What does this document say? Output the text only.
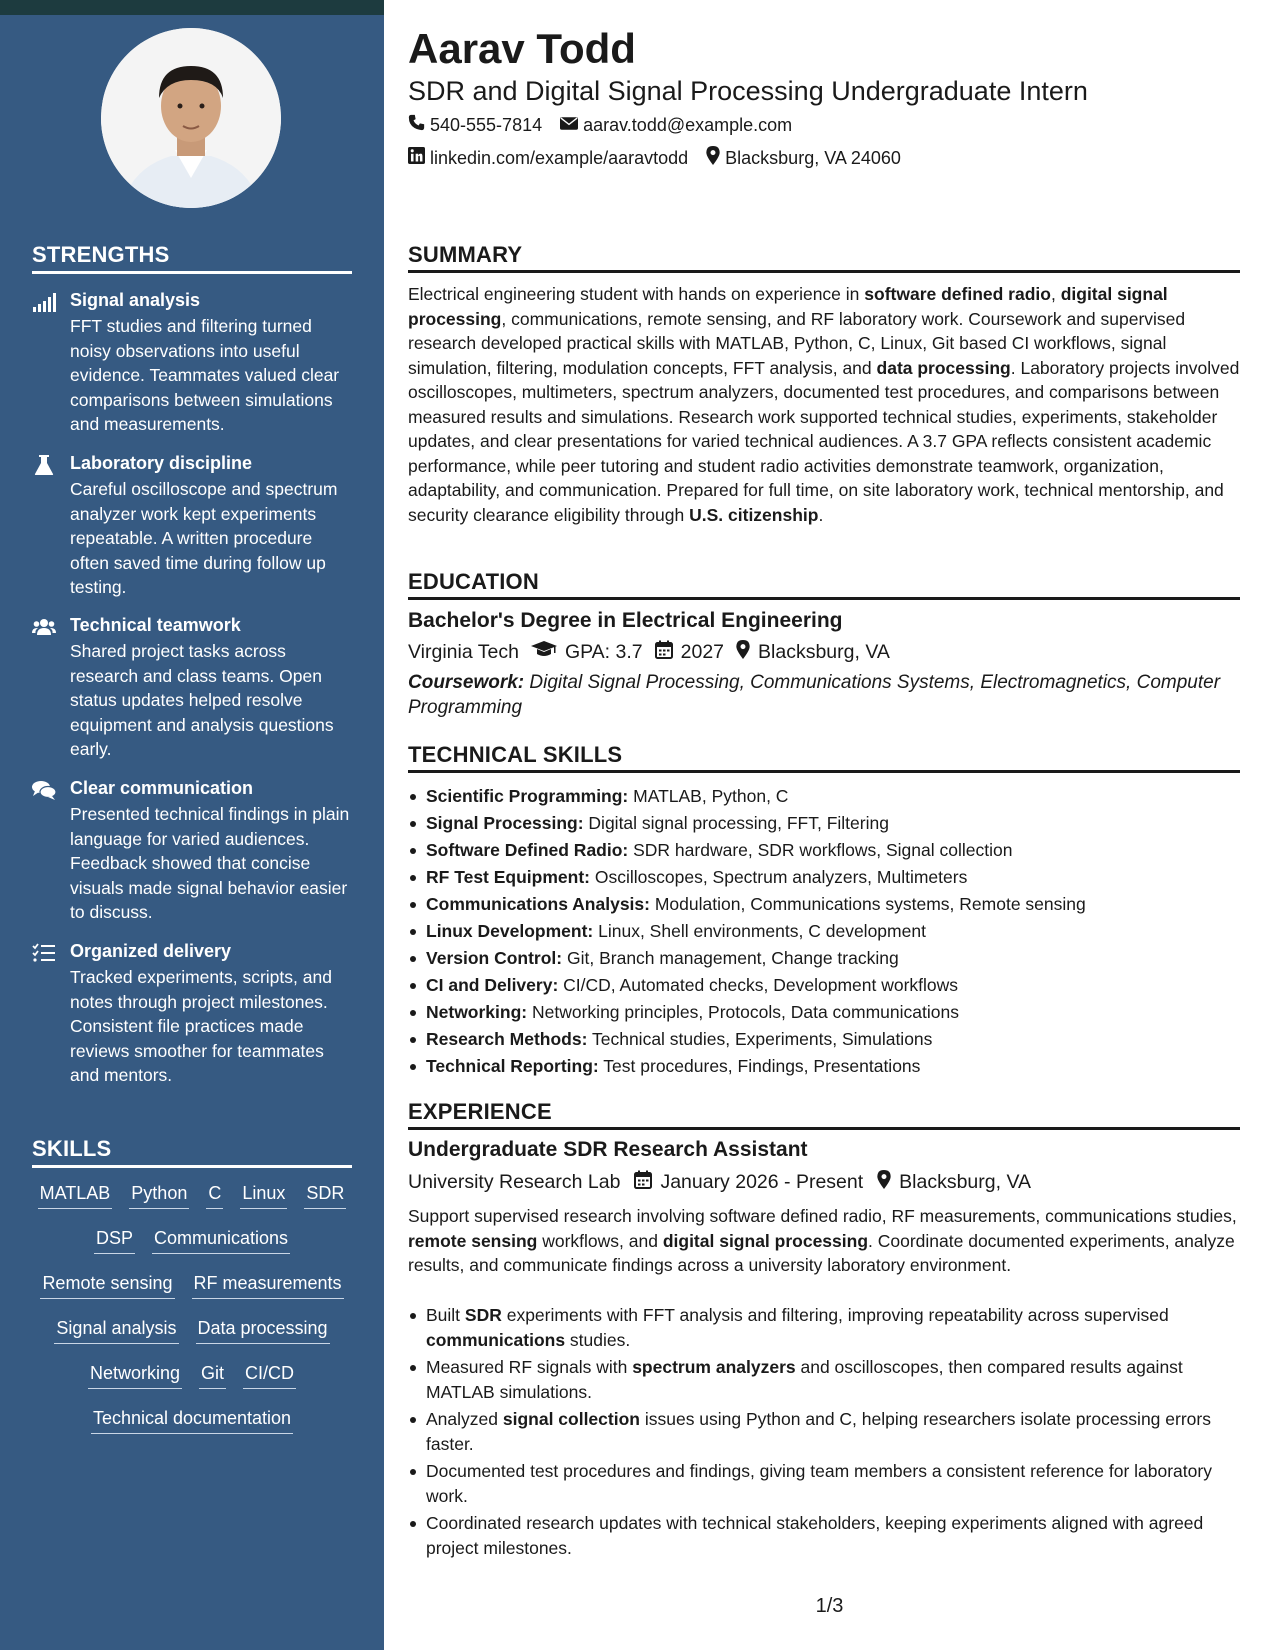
STRENGTHS
Signal analysis
FFT studies and filtering turned noisy observations into useful evidence. Teammates valued clear comparisons between simulations and measurements.
Laboratory discipline
Careful oscilloscope and spectrum analyzer work kept experiments repeatable. A written procedure often saved time during follow up testing.
Technical teamwork
Shared project tasks across research and class teams. Open status updates helped resolve equipment and analysis questions early.
Clear communication
Presented technical findings in plain language for varied audiences. Feedback showed that concise visuals made signal behavior easier to discuss.
Organized delivery
Tracked experiments, scripts, and notes through project milestones. Consistent file practices made reviews smoother for teammates and mentors.
SKILLS
MATLAB Python C Linux SDR
DSP Communications
Remote sensing RF measurements
Signal analysis Data processing
Networking Git CI/CD
Technical documentation
Aarav Todd
SDR and Digital Signal Processing Undergraduate Intern
540-555-7814 aarav.todd@example.com
linkedin.com/example/aaravtodd Blacksburg, VA 24060
SUMMARY
Electrical engineering student with hands on experience in software defined radio, digital signal processing, communications, remote sensing, and RF laboratory work. Coursework and supervised research developed practical skills with MATLAB, Python, C, Linux, Git based CI workflows, signal simulation, filtering, modulation concepts, FFT analysis, and data processing. Laboratory projects involved oscilloscopes, multimeters, spectrum analyzers, documented test procedures, and comparisons between measured results and simulations. Research work supported technical studies, experiments, stakeholder updates, and clear presentations for varied technical audiences. A 3.7 GPA reflects consistent academic performance, while peer tutoring and student radio activities demonstrate teamwork, organization, adaptability, and communication. Prepared for full time, on site laboratory work, technical mentorship, and security clearance eligibility through U.S. citizenship.
EDUCATION
Bachelor's Degree in Electrical Engineering
Virginia Tech GPA: 3.7 2027 Blacksburg, VA
Coursework: Digital Signal Processing, Communications Systems, Electromagnetics, Computer Programming
TECHNICAL SKILLS
Scientific Programming: MATLAB, Python, C
Signal Processing: Digital signal processing, FFT, Filtering
Software Defined Radio: SDR hardware, SDR workflows, Signal collection
RF Test Equipment: Oscilloscopes, Spectrum analyzers, Multimeters
Communications Analysis: Modulation, Communications systems, Remote sensing
Linux Development: Linux, Shell environments, C development
Version Control: Git, Branch management, Change tracking
CI and Delivery: CI/CD, Automated checks, Development workflows
Networking: Networking principles, Protocols, Data communications
Research Methods: Technical studies, Experiments, Simulations
Technical Reporting: Test procedures, Findings, Presentations
EXPERIENCE
Undergraduate SDR Research Assistant
University Research Lab January 2026 - Present Blacksburg, VA
Support supervised research involving software defined radio, RF measurements, communications studies, remote sensing workflows, and digital signal processing. Coordinate documented experiments, analyze results, and communicate findings across a university laboratory environment.
Built SDR experiments with FFT analysis and filtering, improving repeatability across supervised communications studies.
Measured RF signals with spectrum analyzers and oscilloscopes, then compared results against MATLAB simulations.
Analyzed signal collection issues using Python and C, helping researchers isolate processing errors faster.
Documented test procedures and findings, giving team members a consistent reference for laboratory work.
Coordinated research updates with technical stakeholders, keeping experiments aligned with agreed project milestones.
1/3
